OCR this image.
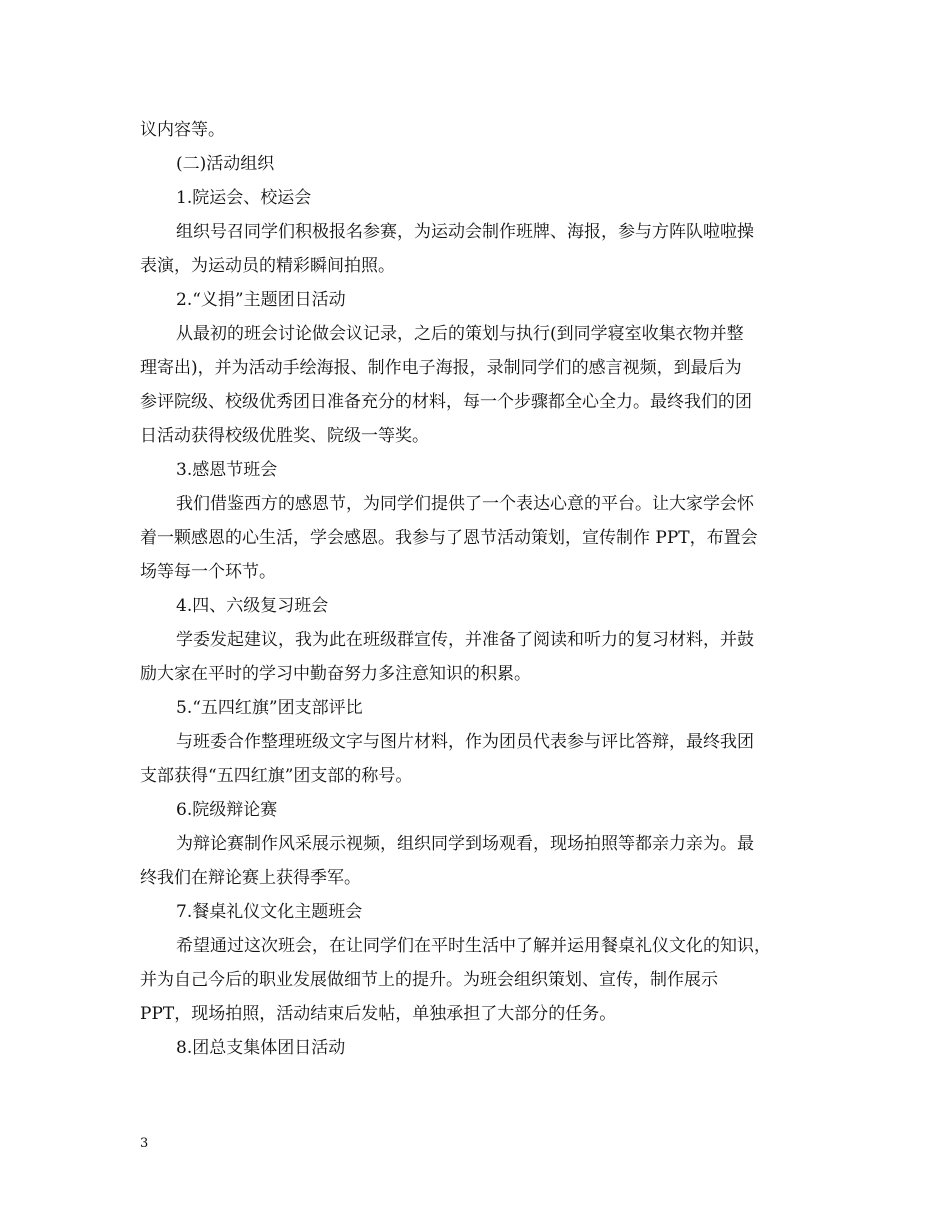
议内容等。
(二)活动组织
1.院运会、校运会
组织号召同学们积极报名参赛，为运动会制作班牌、海报，参与方阵队啦啦操
表演，为运动员的精彩瞬间拍照。
2.“义捐”主题团日活动
从最初的班会讨论做会议记录，之后的策划与执行(到同学寝室收集衣物并整
理寄出)，并为活动手绘海报、制作电子海报，录制同学们的感言视频，到最后为
参评院级、校级优秀团日准备充分的材料，每一个步骤都全心全力。最终我们的团
日活动获得校级优胜奖、院级一等奖。
3.感恩节班会
我们借鉴西方的感恩节，为同学们提供了一个表达心意的平台。让大家学会怀
着一颗感恩的心生活，学会感恩。我参与了恩节活动策划，宣传制作 PPT，布置会
场等每一个环节。
4.四、六级复习班会
学委发起建议，我为此在班级群宣传，并准备了阅读和听力的复习材料，并鼓
励大家在平时的学习中勤奋努力多注意知识的积累。
5.“五四红旗”团支部评比
与班委合作整理班级文字与图片材料，作为团员代表参与评比答辩，最终我团
支部获得“五四红旗”团支部的称号。
6.院级辩论赛
为辩论赛制作风采展示视频，组织同学到场观看，现场拍照等都亲力亲为。最
终我们在辩论赛上获得季军。
7.餐桌礼仪文化主题班会
希望通过这次班会，在让同学们在平时生活中了解并运用餐桌礼仪文化的知识，
并为自己今后的职业发展做细节上的提升。为班会组织策划、宣传，制作展示
PPT，现场拍照，活动结束后发帖，单独承担了大部分的任务。
8.团总支集体团日活动
3
